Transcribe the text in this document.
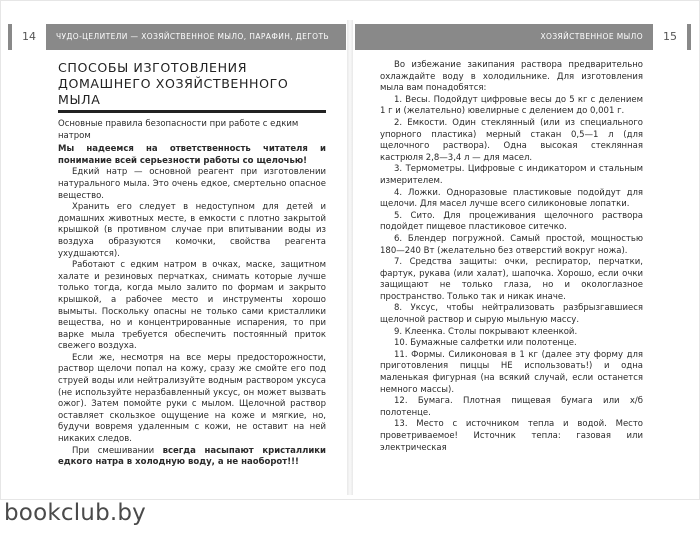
14	ЧУДО-ЦЕЛИТЕЛИ — ХОЗЯЙСТВЕННОЕ МЫЛО, ПАРАФИН, ДЕГОТЬ	ХОЗЯЙСТВЕННОЕ МЫЛО	15
СПОСОБЫ ИЗГОТОВЛЕНИЯ
ДОМАШНЕГО ХОЗЯЙСТВЕННОГО МЫЛА

Основные правила безопасности при работе с едким натром

Мы надеемся на ответственность читателя и понимание всей серьезности работы со щелочью!

Едкий натр — основной реагент при изготовлении натурального мыла. Это очень едкое, смертельно опасное вещество.

Хранить его следует в недоступном для детей и домашних животных месте, в емкости с плотно закрытой крышкой (в противном случае при впитывании воды из воздуха образуются комочки, свойства реагента ухудшаются).

Работают с едким натром в очках, маске, защитном халате и резиновых перчатках, снимать которые лучше только тогда, когда мыло залито по формам и закрыто крышкой, а рабочее место и инструменты хорошо вымыты. Поскольку опасны не только сами кристаллики вещества, но и концентрированные испарения, то при варке мыла требуется обеспечить постоянный приток свежего воздуха.

Если же, несмотря на все меры предосторожности, раствор щелочи попал на кожу, сразу же смойте его под струей воды или нейтрализуйте водным раствором уксуса (не используйте неразбавленный уксус, он может вызвать ожог). Затем помойте руки с мылом. Щелочной раствор оставляет скользкое ощущение на коже и мягкие, но, будучи вовремя удаленным с кожи, не оставит на ней никаких следов.

При смешивании всегда насыпают кристаллики едкого натра в холодную воду, а не наоборот!!!

Во избежание закипания раствора предварительно охлаждайте воду в холодильнике. Для изготовления мыла вам понадобятся:

1. Весы. Подойдут цифровые весы до 5 кг с делением 1 г и (желательно) ювелирные с делением до 0,001 г.

2. Емкости. Один стеклянный (или из специального упорного пластика) мерный стакан 0,5—1 л (для щелочного раствора). Одна высокая стеклянная кастрюля 2,8—3,4 л — для масел.

3. Термометры. Цифровые с индикатором и стальным измерителем.

4. Ложки. Одноразовые пластиковые подойдут для щелочи. Для масел лучше всего силиконовые лопатки.

5. Сито. Для процеживания щелочного раствора подойдет пищевое пластиковое ситечко.

6. Блендер погружной. Самый простой, мощностью 180—240 Вт (желательно без отверстий вокруг ножа).

7. Средства защиты: очки, респиратор, перчатки, фартук, рукава (или халат), шапочка. Хорошо, если очки защищают не только глаза, но и окологлазное пространство. Только так и никак иначе.

8. Уксус, чтобы нейтрализовать разбрызгавшиеся щелочной раствор и сырую мыльную массу.

9. Клеенка. Столы покрывают клеенкой.

10. Бумажные салфетки или полотенце.

11. Формы. Силиконовая в 1 кг (далее эту форму для приготовления пиццы НЕ использовать!) и одна маленькая фигурная (на всякий случай, если останется немного массы).

12. Бумага. Плотная пищевая бумага или х/б полотенце.

13. Место с источником тепла и водой. Место проветриваемое! Источник тепла: газовая или электрическая

bookclub.by
